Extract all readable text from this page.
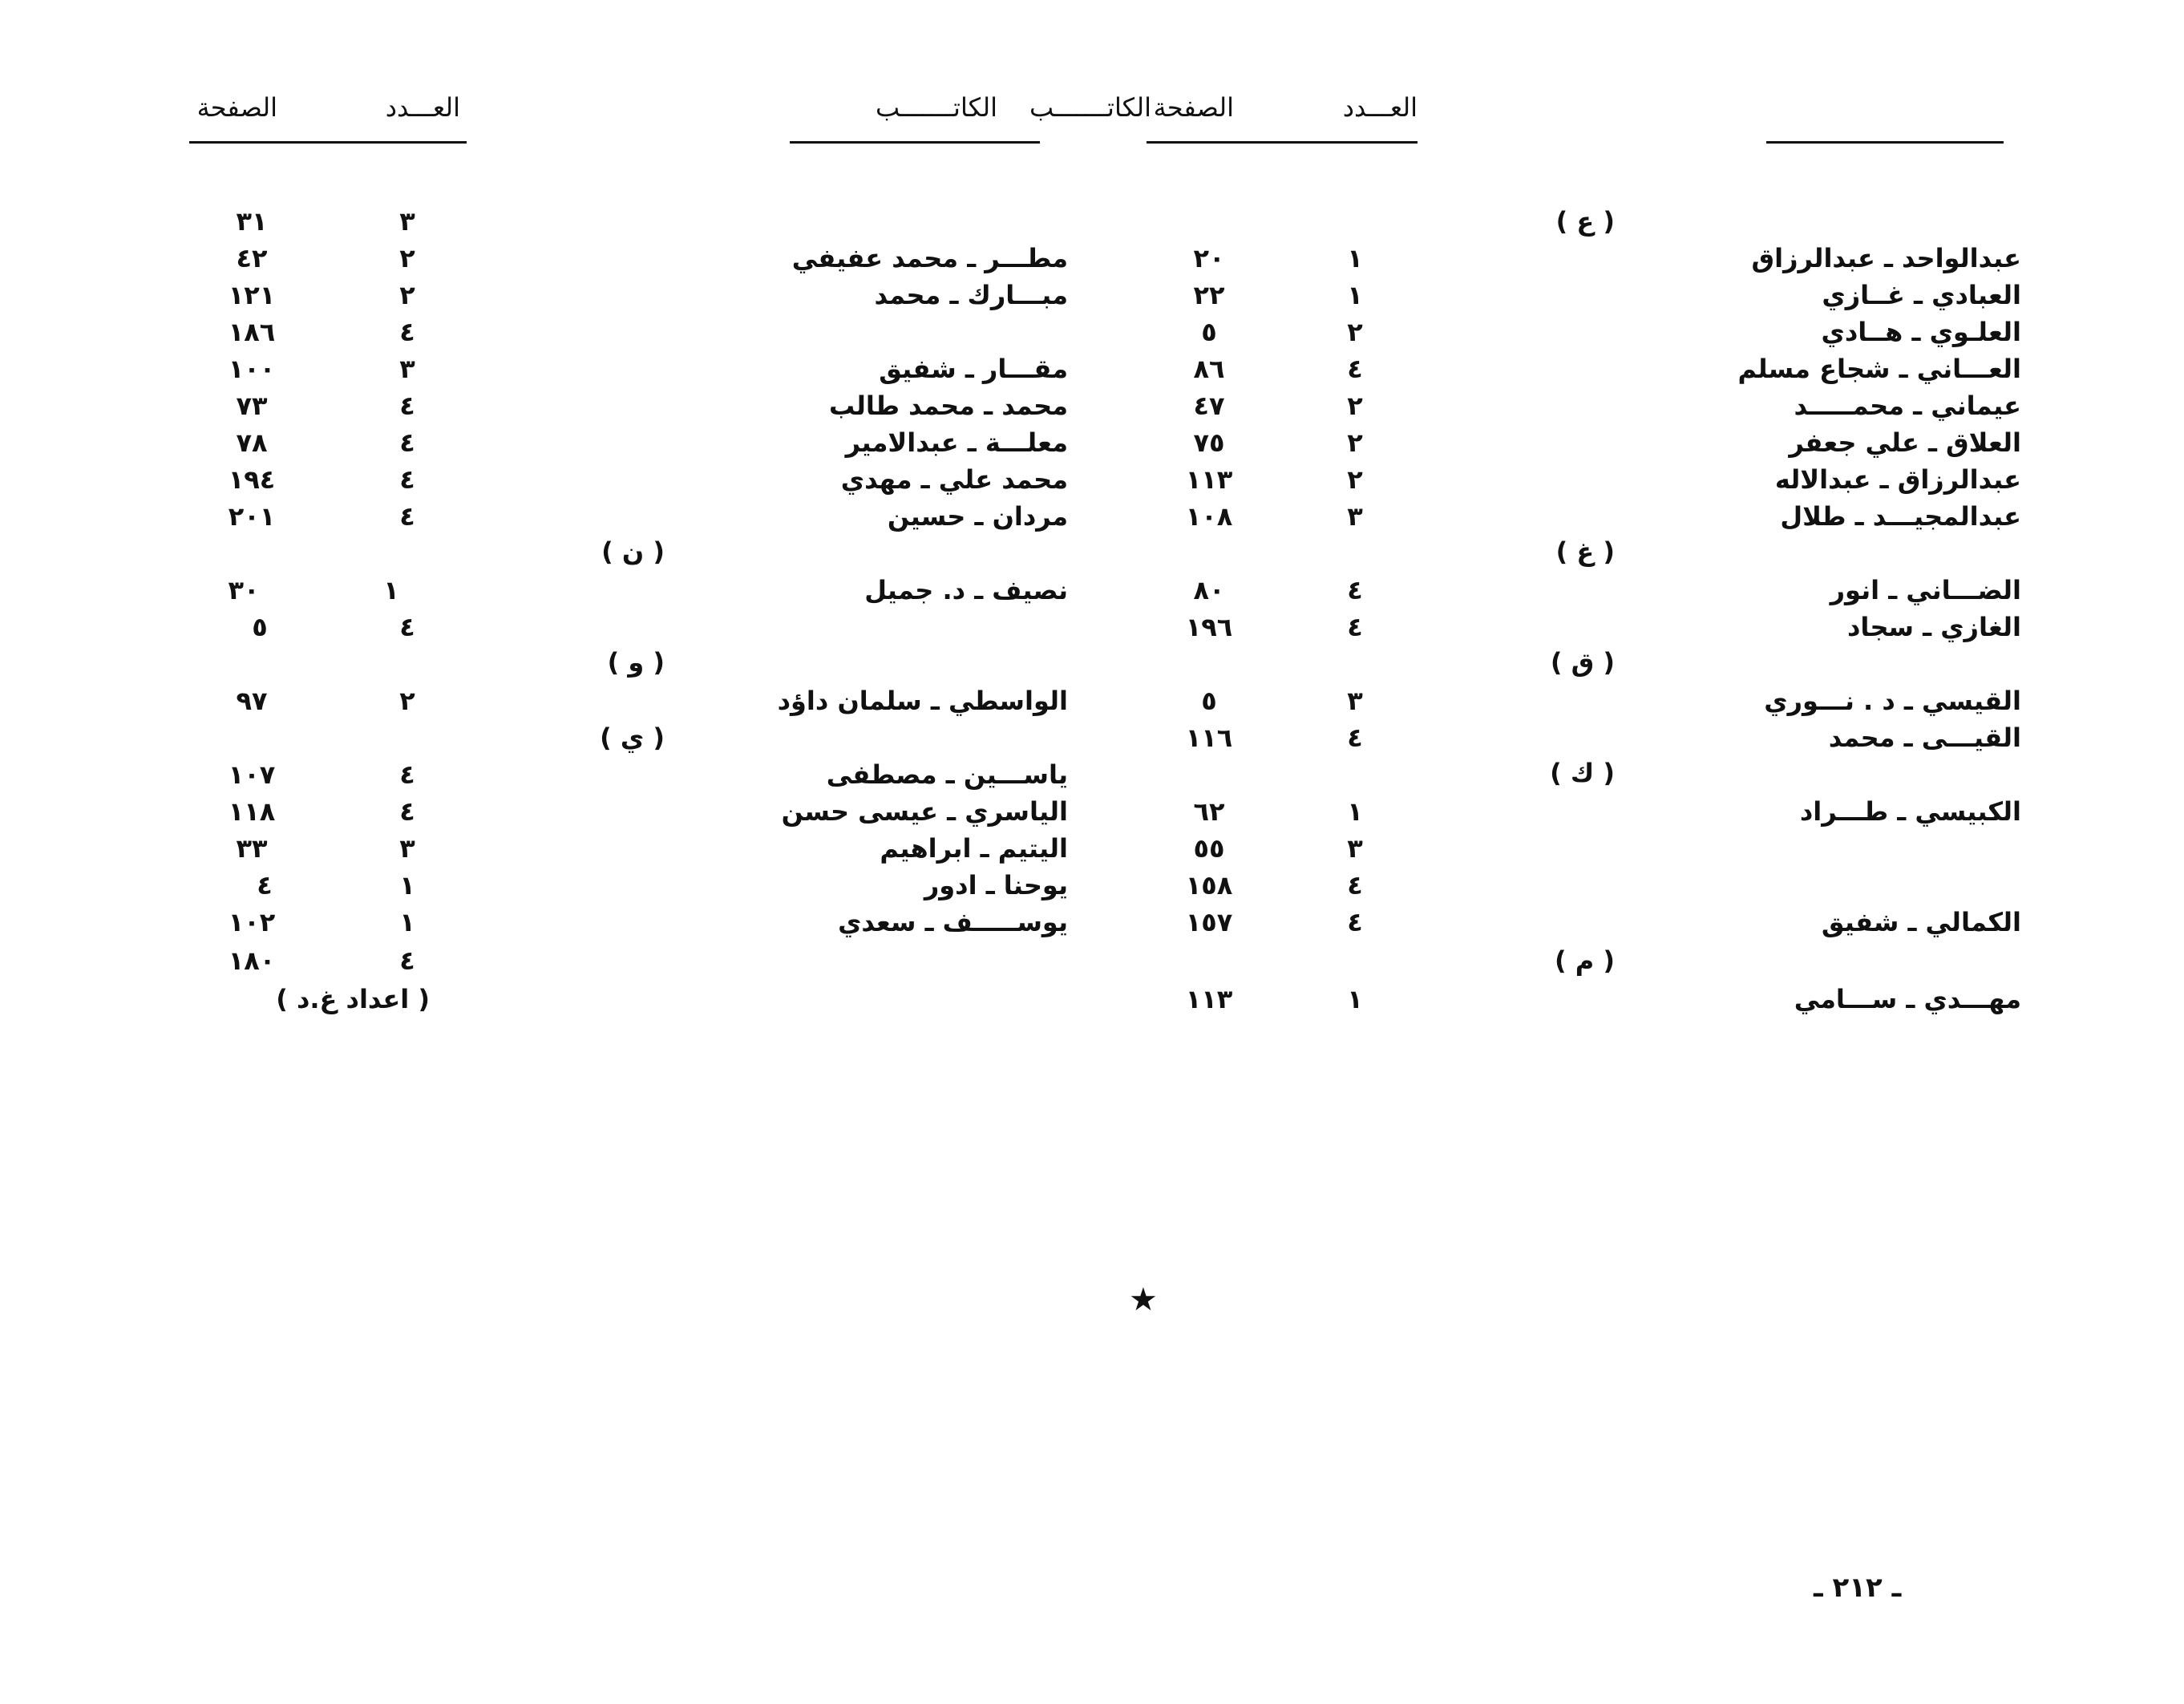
الكاتـــــــب	العـــدد
الصفحة
الكاتـــــــب
العـــدد
الصفحة
( ع )
( غ )
( ق )
( ك )
( م )
عبدالواحد ـ عبدالرزاق
العبادي ـ غــازي
العلـوي ـ هــادي
العـــاني ـ شجاع مسلم
عيماني ـ محمـــــد
العلاق ـ علي جعفر
عبدالرزاق ـ عبدالاله
عبدالمجيـــد ـ طلال
الضـــاني ـ انور
الغازي ـ سجاد
القيسي ـ د . نـــوري
القيـــى ـ محمد
الكبيسي ـ طـــراد
الكمالي ـ شفيق
مهـــدي ـ ســـامي
١
٢٠
١
٢٢
٢
٥
٤
٨٦
٢
٤٧
٢
٧٥
٢
١١٣
٣
١٠٨
٤
٨٠
٤
١٩٦
٣
٥
٤
١١٦
١
٦٢
٣
٥٥
٤
١٥٨
٤
١٥٧
١
١١٣
( ن )
( و )
( ي )
مطـــر ـ محمد عفيفي
مبـــارك ـ محمد
مقـــار ـ شفيق
محمد ـ محمد طالب
معلـــة ـ عبدالامير
محمد علي ـ مهدي
مردان ـ حسين
نصيف ـ د. جميل
الواسطي ـ سلمان داؤد
ياســـين ـ مصطفى
الياسري ـ عيسى حسن
اليتيم ـ ابراهيم
يوحنا ـ ادور
يوســـــف ـ سعدي
٣
٣١
٢
٤٢
٢
١٢١
٤
١٨٦
٣
١٠٠
٤
٧٣
٤
٧٨
٤
١٩٤
٤
٢٠١
١
٣٠
٤
٥
٢
٩٧
٤
١٠٧
٤
١١٨
٣
٣٣
١
٤
١
١٠٢
٤
١٨٠
( اعداد غ.د )
★
ـ ٢١٢ ـ
